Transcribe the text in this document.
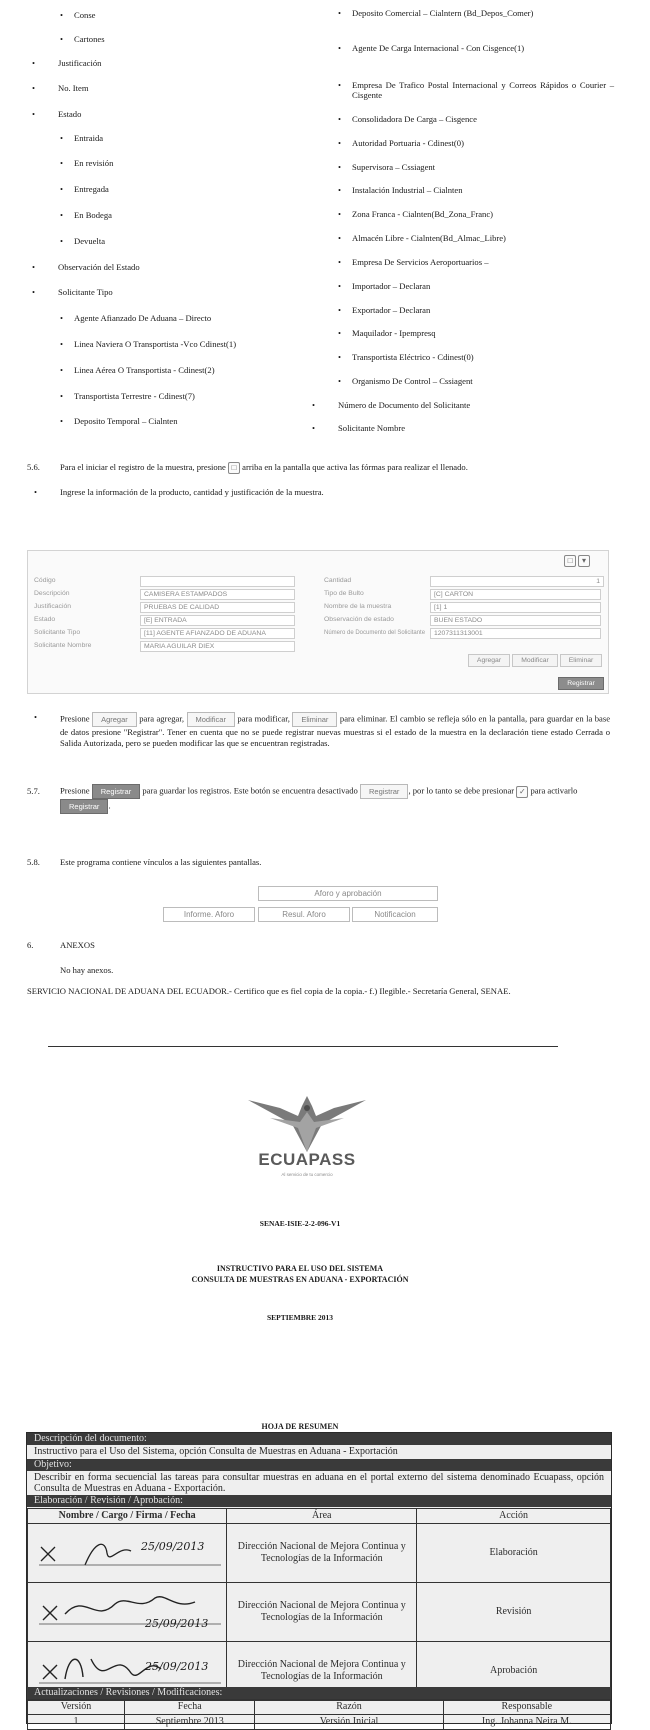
• Conse
• Cartones
• Justificación
• No. Item
• Estado
• Entraida
• En revisión
• Entregada
• En Bodega
• Devuelta
• Observación del Estado
• Solicitante Tipo
• Agente Afianzado De Aduana – Directo
• Linea Naviera O Transportista -Vco Cdinest(1)
• Linea Aérea O Transportista - Cdinest(2)
• Transportista Terrestre - Cdinest(7)
• Deposito Temporal – Cialnten
• Deposito Comercial – Cialntern (Bd_Depos_Comer)
• Agente De Carga Internacional - Con Cisgence(1)
• Empresa De Trafico Postal Internacional y Correos Rápidos o Courier – Cisgente
• Consolidadora De Carga – Cisgence
• Autoridad Portuaria - Cdinest(0)
• Supervisora – Cssiagent
• Instalación Industrial – Cialnten
• Zona Franca - Cialnten(Bd_Zona_Franc)
• Almacén Libre - Cialnten(Bd_Almac_Libre)
• Empresa De Servicios Aeroportuarios –
• Importador – Declaran
• Exportador – Declaran
• Maquilador - Ipempresq
• Transportista Eléctrico - Cdinest(0)
• Organismo De Control – Cssiagent
• Número de Documento del Solicitante
• Solicitante Nombre
5.6. Para el iniciar el registro de la muestra, presione □ arriba en la pantalla que activa las fórmas para realizar el llenado.
• Ingrese la información de la producto, cantidad y justificación de la muestra.
□ ▾
Código
Descripción	CAMISERA ESTAMPADOS
Justificación	PRUEBAS DE CALIDAD
Estado	[E] ENTRADA
Solicitante Tipo	[11] AGENTE AFIANZADO DE ADUANA
Solicitante Nombre	MARIA AGUILAR DIEX
Cantidad	1
Tipo de Bulto	[C] CARTON
Nombre de la muestra	[1] 1
Observación de estado	BUEN ESTADO
Número de Documento del Solicitante	1207311313001
Agregar	Modificar	Eliminar
Registrar
• Presione Agregar para agregar, Modificar para modificar, Eliminar para eliminar. El cambio se refleja sólo en la pantalla, para guardar en la base de datos presione "Registrar". Tener en cuenta que no se puede registrar nuevas muestras si el estado de la muestra en la declaración tiene estado Cerrada o Salida Autorizada, pero se pueden modificar las que se encuentran registradas.
5.7. Presione Registrar para guardar los registros. Este botón se encuentra desactivado Registrar , por lo tanto se debe presionar ✓ para activarlo Registrar .
5.8. Este programa contiene vínculos a las siguientes pantallas.
Aforo y aprobación
Informe. Aforo	Resul. Aforo	Notificacion
6.	ANEXOS
No hay anexos.
SERVICIO NACIONAL DE ADUANA DEL ECUADOR.- Certifico que es fiel copia de la copia.- f.) Ilegible.- Secretaría General, SENAE.
ECUAPASS
Al servicio de tu comercio
SENAE-ISIE-2-2-096-V1
INSTRUCTIVO PARA EL USO DEL SISTEMA
CONSULTA DE MUESTRAS EN ADUANA - EXPORTACIÓN
SEPTIEMBRE 2013
HOJA DE RESUMEN
Descripción del documento:
Instructivo para el Uso del Sistema, opción Consulta de Muestras en Aduana - Exportación
Objetivo:
Describir en forma secuencial las tareas para consultar muestras en aduana en el portal externo del sistema denominado Ecuapass, opción Consulta de Muestras en Aduana - Exportación.
Elaboración / Revisión / Aprobación:
Nombre / Cargo / Firma / Fecha	Área	Acción

25/09/2013	Dirección Nacional de Mejora Continua y Tecnologías de la Información	Elaboración

25/09/2013	Dirección Nacional de Mejora Continua y Tecnologías de la Información	Revisión

25/09/2013	Dirección Nacional de Mejora Continua y Tecnologías de la Información	Aprobación
Actualizaciones / Revisiones / Modificaciones:
Versión	Fecha	Razón	Responsable
1	Septiembre 2013	Versión Inicial	Ing. Johanna Neira M.
